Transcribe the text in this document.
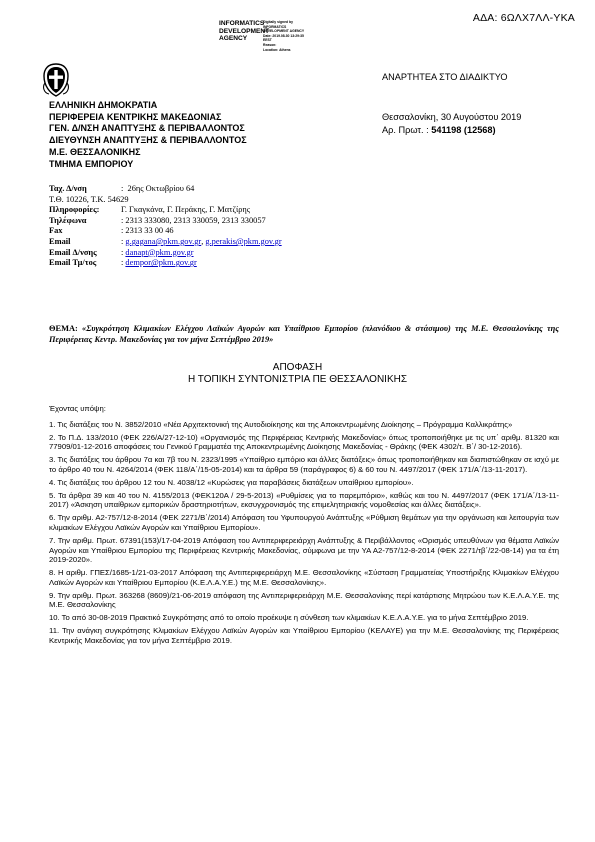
ΑΔΑ: 6ΩΛΧ7ΛΛ-ΥΚΑ
INFORMATICS
DEVELOPMENT
AGENCY
Digitally signed by
INFORMATICS
DEVELOPMENT AGENCY
Date: 2019.08.30 13:29:35
EEST
Reason:
Location: Athens
ΑΝΑΡΤΗΤΕΑ ΣΤΟ ΔΙΑΔΙΚΤΥΟ
ΕΛΛΗΝΙΚΗ ΔΗΜΟΚΡΑΤΙΑ
ΠΕΡΙΦΕΡΕΙΑ ΚΕΝΤΡΙΚΗΣ ΜΑΚΕΔΟΝΙΑΣ
ΓΕΝ. Δ/ΝΣΗ ΑΝΑΠΤΥΞΗΣ & ΠΕΡΙΒΑΛΛΟΝΤΟΣ
ΔΙΕΥΘΥΝΣΗ ΑΝΑΠΤΥΞΗΣ & ΠΕΡΙΒΑΛΛΟΝΤΟΣ
Μ.Ε. ΘΕΣΣΑΛΟΝΙΚΗΣ
ΤΜΗΜΑ ΕΜΠΟΡΙΟΥ
Θεσσαλονίκη, 30 Αυγούστου 2019
Αρ. Πρωτ. : 541198 (12568)
Ταχ. Δ/νση	:
26ης Οκτωβρίου 64
Τ.Θ. 10226, Τ.Κ. 54629
Πληροφορίες:	Γ. Γκαγκάνα, Γ. Περάκης, Γ. Ματζίρης
Τηλέφωνα	: 2313 333080, 2313 330059, 2313 330057
Fax	: 2313 33 00 46
Email	: g.gagana@pkm.gov.gr ,
g.perakis@pkm.gov.gr
Email Δ/νσης	: danapt@pkm.gov.gr
Email Τμ/τος	: dempor@pkm.gov.gr
ΘΕΜΑ: «Συγκρότηση Κλιμακίων Ελέγχου Λαϊκών Αγορών και Υπαίθριου Εμπορίου (πλανόδιου & στάσιμου) της Μ.Ε. Θεσσαλονίκης της Περιφέρειας Κεντρ. Μακεδονίας για τον μήνα Σεπτέμβριο 2019»
ΑΠΟΦΑΣΗ
Η ΤΟΠΙΚΗ ΣΥΝΤΟΝΙΣΤΡΙΑ ΠΕ ΘΕΣΣΑΛΟΝΙΚΗΣ

Έχοντας υπόψη:

1. Τις διατάξεις του Ν. 3852/2010 «Νέα Αρχιτεκτονική της Αυτοδιοίκησης και της Αποκεντρωμένης Διοίκησης – Πρόγραμμα Καλλικράτης»

2. Το Π.Δ. 133/2010 (ΦΕΚ 226/Α/27-12-10) «Οργανισμός της Περιφέρειας Κεντρικής Μακεδονίας» όπως τροποποιήθηκε με τις υπ΄ αριθμ. 81320 και 77909/01-12-2016 αποφάσεις του Γενικού Γραμματέα της Αποκεντρωμένης Διοίκησης Μακεδονίας - Θράκης (ΦΕΚ 4302/τ. Β΄/ 30-12-2016).

3. Τις διατάξεις του άρθρου 7α και 7β του Ν. 2323/1995 «Υπαίθριο εμπόριο και άλλες διατάξεις» όπως τροποποιήθηκαν και διαπιστώθηκαν σε ισχύ με το άρθρο 40 του Ν. 4264/2014 (ΦΕΚ 118/Α΄/15-05-2014) και τα άρθρα 59 (παράγραφος 6) & 60 του Ν. 4497/2017 (ΦΕΚ 171/Α΄/13-11-2017).

4. Τις διατάξεις του άρθρου 12 του Ν. 4038/12 «Κυρώσεις για παραβάσεις διατάξεων υπαίθριου εμπορίου».

5. Τα άρθρα 39 και 40 του Ν. 4155/2013 (ΦΕΚ120Α / 29-5-2013) «Ρυθμίσεις για το παρεμπόριο», καθώς και του Ν. 4497/2017 (ΦΕΚ 171/Α΄/13-11-2017) «Άσκηση υπαίθριων εμπορικών δραστηριοτήτων, εκσυγχρονισμός της επιμελητηριακής νομοθεσίας και άλλες διατάξεις».

6. Την αριθμ. Α2-757/12-8-2014 (ΦΕΚ 2271/Β΄/2014) Απόφαση του Υφυπουργού Ανάπτυξης «Ρύθμιση θεμάτων για την οργάνωση και λειτουργία των κλιμακίων Ελέγχου Λαϊκών Αγορών και Υπαίθριου Εμπορίου».

7. Την αριθμ. Πρωτ. 67391(153)/17-04-2019 Απόφαση του Αντιπεριφερειάρχη Ανάπτυξης & Περιβάλλοντος «Ορισμός υπευθύνων για θέματα Λαϊκών Αγορών και Υπαίθριου Εμπορίου της Περιφέρειας Κεντρικής Μακεδονίας, σύμφωνα με την ΥΑ Α2-757/12-8-2014 (ΦΕΚ 2271/τβ΄/22-08-14) για τα έτη 2019-2020».

8. Η αριθμ. ΓΠΕΣ/1685-1/21-03-2017 Απόφαση της Αντιπεριφερειάρχη Μ.Ε. Θεσσαλονίκης «Σύσταση Γραμματείας Υποστήριξης Κλιμακίων Ελέγχου Λαϊκών Αγορών και Υπαίθριου Εμπορίου (Κ.Ε.Λ.Α.Υ.Ε.) της Μ.Ε. Θεσσαλονίκης».

9. Την αριθμ. Πρωτ. 363268 (8609)/21-06-2019 απόφαση της Αντιπεριφερειάρχη Μ.Ε. Θεσσαλονίκης περί κατάρτισης Μητρώου των Κ.Ε.Λ.Α.Υ.Ε. της Μ.Ε. Θεσσαλονίκης

10. Το από 30-08-2019 Πρακτικό Συγκρότησης από το οποίο προέκυψε η σύνθεση των κλιμακίων Κ.Ε.Λ.Α.Υ.Ε. για το μήνα Σεπτέμβριο 2019.

11. Την ανάγκη συγκρότησης Κλιμακίων Ελέγχου Λαϊκών Αγορών και Υπαίθριου Εμπορίου (ΚΕΛΑΥΕ) για την Μ.Ε. Θεσσαλονίκης της Περιφέρειας Κεντρικής Μακεδονίας για τον μήνα Σεπτέμβριο 2019.
